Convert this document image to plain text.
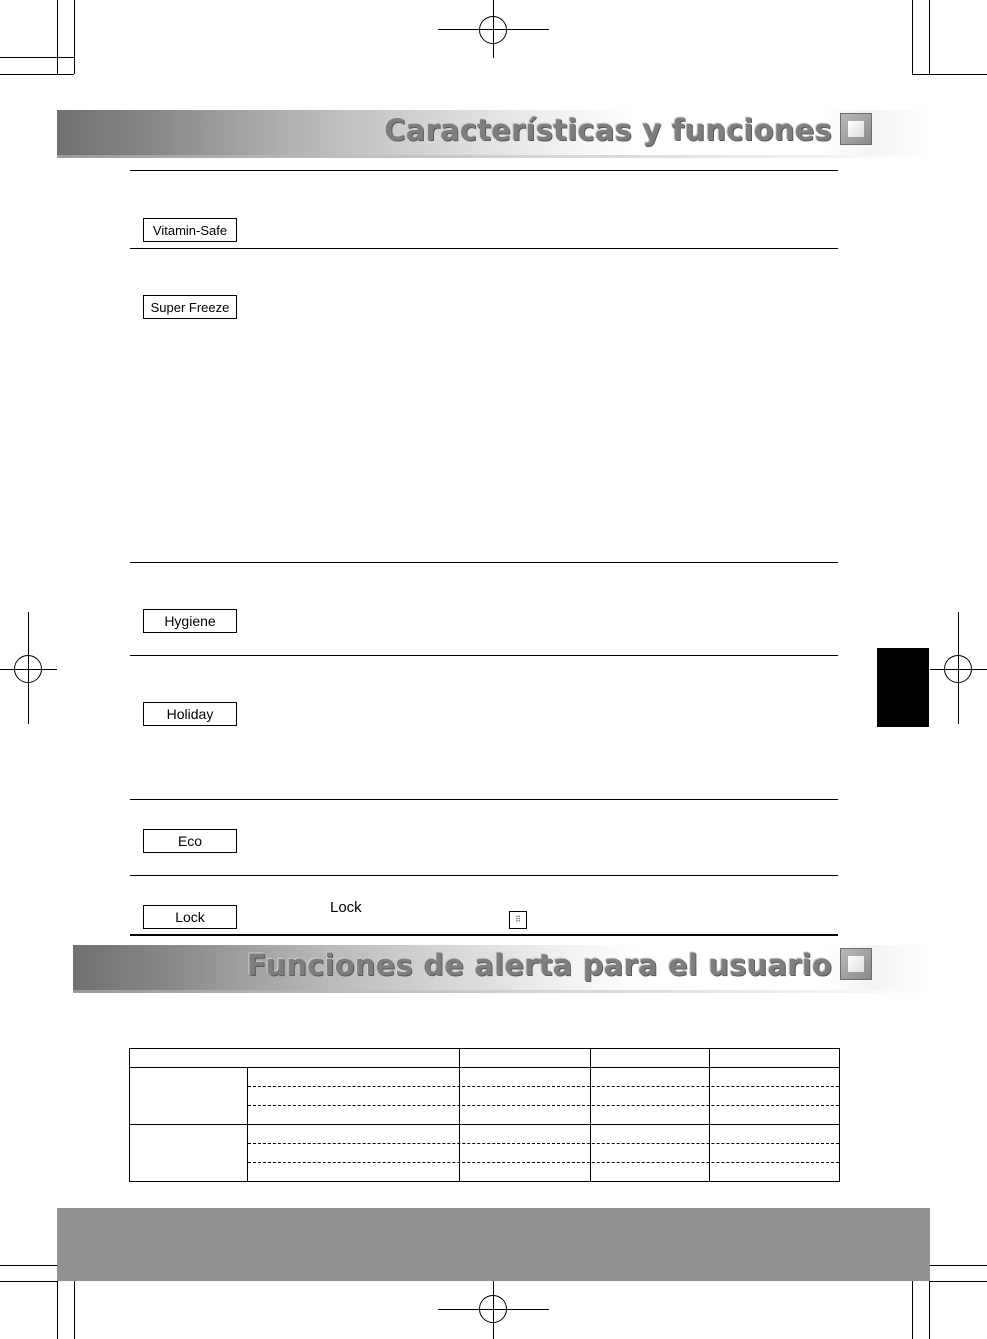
Características y funciones
Vitamin-Safe
Super Freeze
Hygiene
Holiday
Eco
Lock
Lock
⠿
Funciones de alerta para el usuario
